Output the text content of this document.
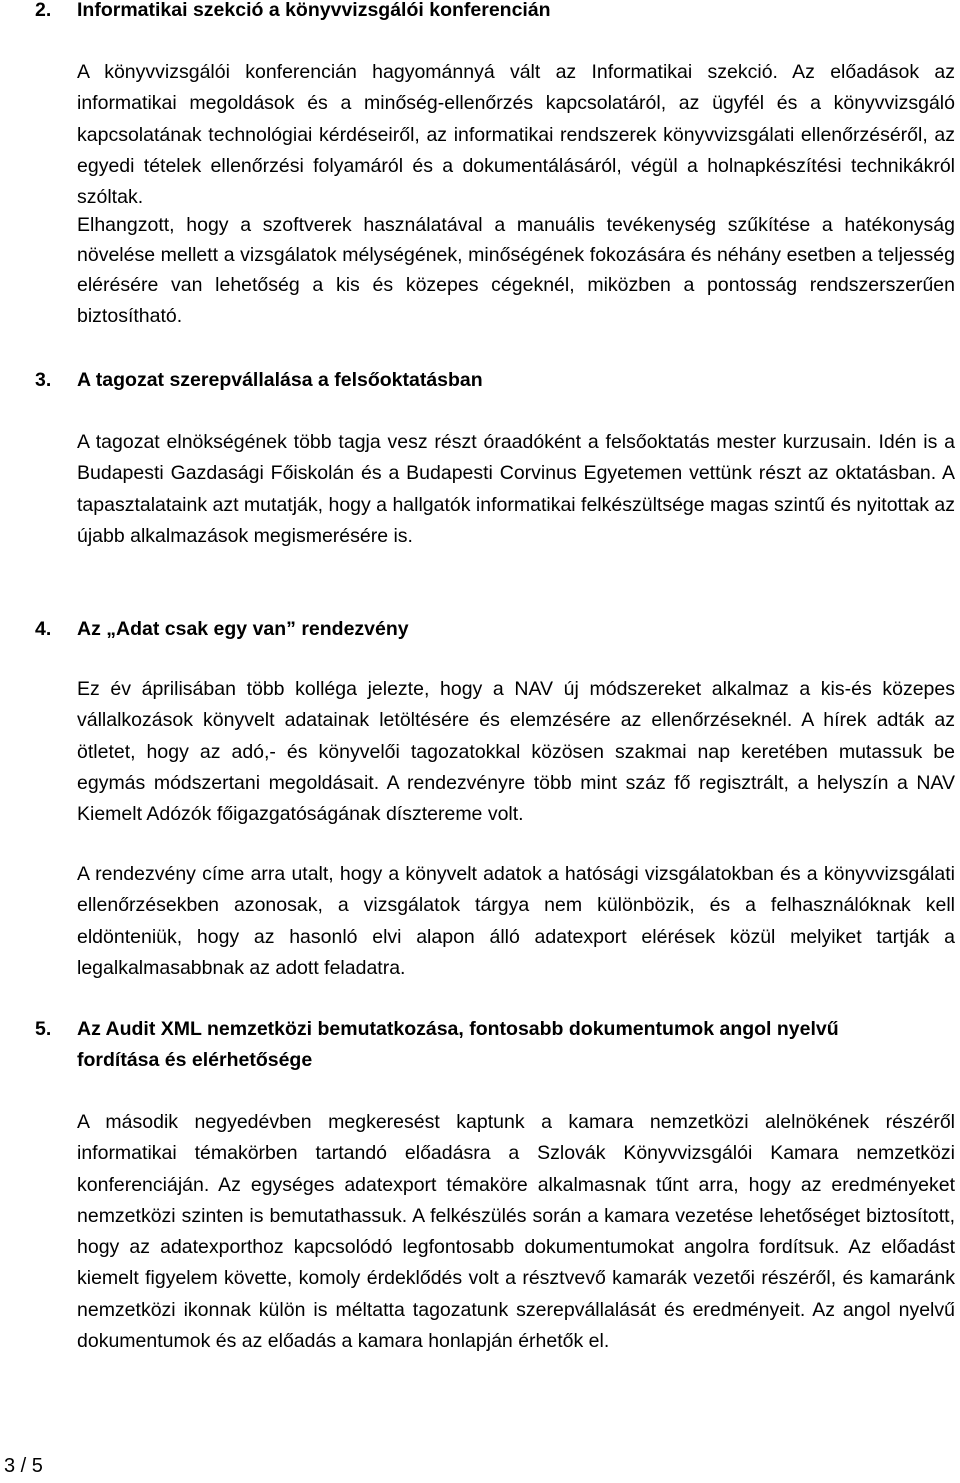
2. Informatikai szekció a könyvvizsgálói konferencián

A könyvvizsgálói konferencián hagyománnyá vált az Informatikai szekció. Az előadások az informatikai megoldások és a minőség-ellenőrzés kapcsolatáról, az ügyfél és a könyvvizsgáló kapcsolatának technológiai kérdéseiről, az informatikai rendszerek könyvvizsgálati ellenőrzéséről, az egyedi tételek ellenőrzési folyamáról és a dokumentálásáról, végül a holnapkészítési technikákról szóltak.

Elhangzott, hogy a szoftverek használatával a manuális tevékenység szűkítése a hatékonyság növelése mellett a vizsgálatok mélységének, minőségének fokozására és néhány esetben a teljesség elérésére van lehetőség a kis és közepes cégeknél, miközben a pontosság rendszerszerűen biztosítható.

3. A tagozat szerepvállalása a felsőoktatásban

A tagozat elnökségének több tagja vesz részt óraadóként a felsőoktatás mester kurzusain. Idén is a Budapesti Gazdasági Főiskolán és a Budapesti Corvinus Egyetemen vettünk részt az oktatásban. A tapasztalataink azt mutatják, hogy a hallgatók informatikai felkészültsége magas szintű és nyitottak az újabb alkalmazások megismerésére is.

4. Az „Adat csak egy van” rendezvény

Ez év áprilisában több kolléga jelezte, hogy a NAV új módszereket alkalmaz a kis-és közepes vállalkozások könyvelt adatainak letöltésére és elemzésére az ellenőrzéseknél. A hírek adták az ötletet, hogy az adó,- és könyvelői tagozatokkal közösen szakmai nap keretében mutassuk be egymás módszertani megoldásait. A rendezvényre több mint száz fő regisztrált, a helyszín a NAV Kiemelt Adózók főigazgatóságának dísztereme volt.

A rendezvény címe arra utalt, hogy a könyvelt adatok a hatósági vizsgálatokban és a könyvvizsgálati ellenőrzésekben azonosak, a vizsgálatok tárgya nem különbözik, és a felhasználóknak kell eldönteniük, hogy az hasonló elvi alapon álló adatexport elérések közül melyiket tartják a legalkalmasabbnak az adott feladatra.

5. Az Audit XML nemzetközi bemutatkozása, fontosabb dokumentumok angol nyelvű fordítása és elérhetősége

A második negyedévben megkeresést kaptunk a kamara nemzetközi alelnökének részéről informatikai témakörben tartandó előadásra a Szlovák Könyvvizsgálói Kamara nemzetközi konferenciáján. Az egységes adatexport témaköre alkalmasnak tűnt arra, hogy az eredményeket nemzetközi szinten is bemutathassuk. A felkészülés során a kamara vezetése lehetőséget biztosított, hogy az adatexporthoz kapcsolódó legfontosabb dokumentumokat angolra fordítsuk. Az előadást kiemelt figyelem követte, komoly érdeklődés volt a résztvevő kamarák vezetői részéről, és kamaránk nemzetközi ikonnak külön is méltatta tagozatunk szerepvállalását és eredményeit. Az angol nyelvű dokumentumok és az előadás a kamara honlapján érhetők el.

3 / 5
